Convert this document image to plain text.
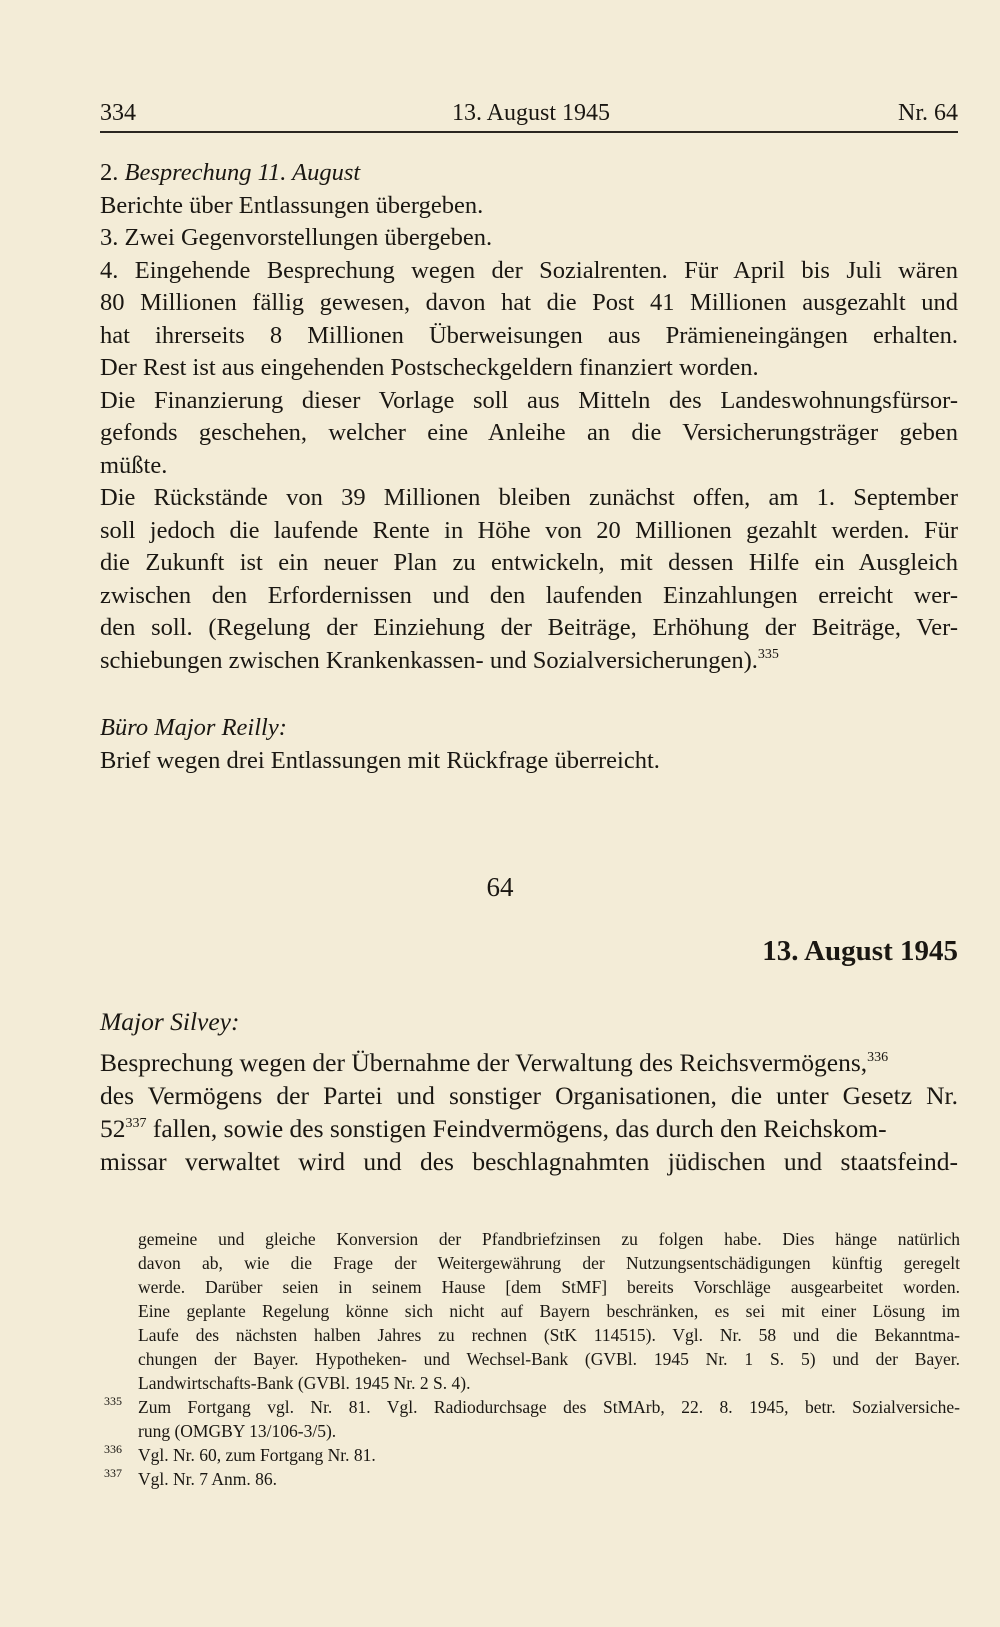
334	13. August 1945	Nr. 64
2. Besprechung 11. August
Berichte über Entlassungen übergeben.
3. Zwei Gegenvorstellungen übergeben.
4. Eingehende Besprechung wegen der Sozialrenten. Für April bis Juli wären
80 Millionen fällig gewesen, davon hat die Post 41 Millionen ausgezahlt und
hat ihrerseits 8 Millionen Überweisungen aus Prämieneingängen erhalten.
Der Rest ist aus eingehenden Postscheckgeldern finanziert worden.
Die Finanzierung dieser Vorlage soll aus Mitteln des Landeswohnungsfürsor-
gefonds geschehen, welcher eine Anleihe an die Versicherungsträger geben
müßte.
Die Rückstände von 39 Millionen bleiben zunächst offen, am 1. September
soll jedoch die laufende Rente in Höhe von 20 Millionen gezahlt werden. Für
die Zukunft ist ein neuer Plan zu entwickeln, mit dessen Hilfe ein Ausgleich
zwischen den Erfordernissen und den laufenden Einzahlungen erreicht wer-
den soll. (Regelung der Einziehung der Beiträge, Erhöhung der Beiträge, Ver-
schiebungen zwischen Krankenkassen- und Sozialversicherungen).$^{335}$
Büro Major Reilly:
Brief wegen drei Entlassungen mit Rückfrage überreicht.
64
13. August 1945
Major Silvey:
Besprechung wegen der Übernahme der Verwaltung des Reichsvermögens,$^{336}$
des Vermögens der Partei und sonstiger Organisationen, die unter Gesetz Nr.
$52^{337}$ fallen, sowie des sonstigen Feindvermögens, das durch den Reichskom-
missar verwaltet wird und des beschlagnahmten jüdischen und staatsfeind-
gemeine und gleiche Konversion der Pfandbriefzinsen zu folgen habe. Dies hänge natürlich
davon ab, wie die Frage der Weitergewährung der Nutzungsentschädigungen künftig geregelt
werde. Darüber seien in seinem Hause [dem StMF] bereits Vorschläge ausgearbeitet worden.
Eine geplante Regelung könne sich nicht auf Bayern beschränken, es sei mit einer Lösung im
Laufe des nächsten halben Jahres zu rechnen (StK 114515). Vgl. Nr. 58 und die Bekanntma-
chungen der Bayer. Hypotheken- und Wechsel-Bank (GVBl. 1945 Nr. 1 S. 5) und der Bayer.
Landwirtschafts-Bank (GVBl. 1945 Nr. 2 S. 4).
335 Zum Fortgang vgl. Nr. 81. Vgl. Radiodurchsage des StMArb, 22. 8. 1945, betr. Sozialversiche-
rung (OMGBY 13/106-3/5).
336 Vgl. Nr. 60, zum Fortgang Nr. 81.
337 Vgl. Nr. 7 Anm. 86.
